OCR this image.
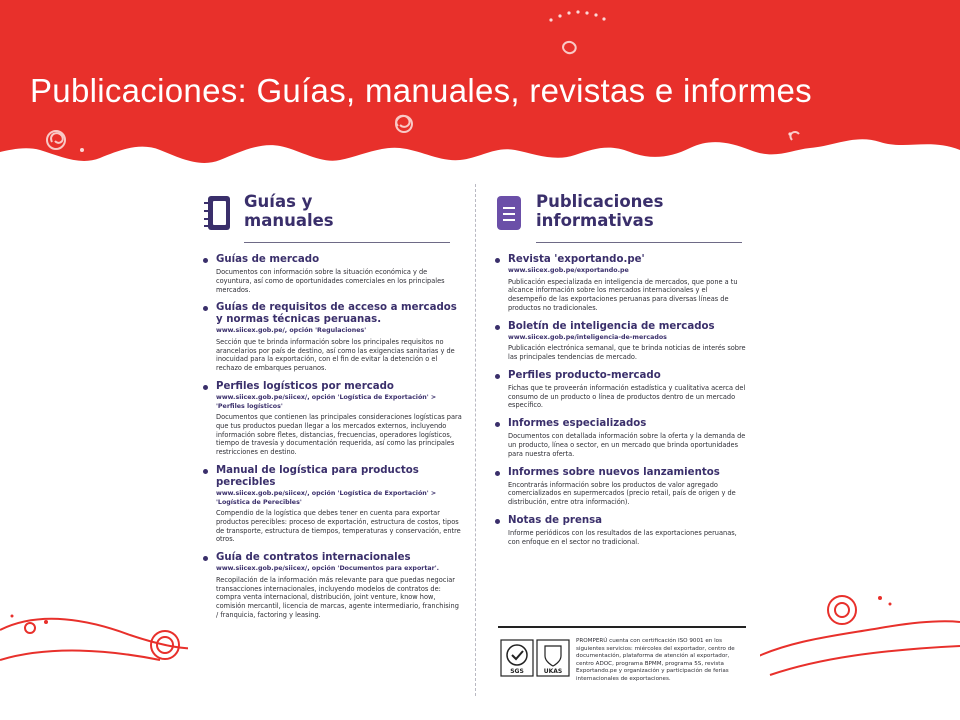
Publicaciones: Guías, manuales, revistas e informes
Guías y
manuales
Guías de mercado
Documentos con información sobre la situación económica y de coyuntura, así como de oportunidades comerciales en los principales mercados.
Guías de requisitos de acceso a mercados y normas técnicas peruanas.
www.siicex.gob.pe/, opción 'Regulaciones'
Sección que te brinda información sobre los principales requisitos no arancelarios por país de destino, así como las exigencias sanitarias y de inocuidad para la exportación, con el fin de evitar la detención o el rechazo de embarques peruanos.
Perfiles logísticos por mercado
www.siicex.gob.pe/siicex/, opción 'Logística de Exportación' > 'Perfiles logísticos'
Documentos que contienen las principales consideraciones logísticas para que tus productos puedan llegar a los mercados externos, incluyendo información sobre fletes, distancias, frecuencias, operadores logísticos, tiempo de travesía y documentación requerida, así como las principales restricciones en destino.
Manual de logística para productos perecibles
www.siicex.gob.pe/siicex/, opción 'Logística de Exportación' > 'Logística de Perecibles'
Compendio de la logística que debes tener en cuenta para exportar productos perecibles: proceso de exportación, estructura de costos, tipos de transporte, estructura de tiempos, temperaturas y conservación, entre otros.
Guía de contratos internacionales
www.siicex.gob.pe/siicex/, opción 'Documentos para exportar'.
Recopilación de la información más relevante para que puedas negociar transacciones internacionales, incluyendo modelos de contratos de: compra venta internacional, distribución, joint venture, know how, comisión mercantil, licencia de marcas, agente intermediario, franchising / franquicia, factoring y leasing.
Publicaciones
informativas
Revista 'exportando.pe'
www.siicex.gob.pe/exportando.pe
Publicación especializada en inteligencia de mercados, que pone a tu alcance información sobre los mercados internacionales y el desempeño de las exportaciones peruanas para diversas líneas de productos no tradicionales.
Boletín de inteligencia de mercados
www.siicex.gob.pe/inteligencia-de-mercados
Publicación electrónica semanal, que te brinda noticias de interés sobre las principales tendencias de mercado.
Perfiles producto-mercado
Fichas que te proveerán información estadística y cualitativa acerca del consumo de un producto o línea de productos dentro de un mercado específico.
Informes especializados
Documentos con detallada información sobre la oferta y la demanda de un producto, línea o sector, en un mercado que brinda oportunidades para nuestra oferta.
Informes sobre nuevos lanzamientos
Encontrarás información sobre los productos de valor agregado comercializados en supermercados (precio retail, país de origen y de distribución, entre otra información).
Notas de prensa
Informe periódicos con los resultados de las exportaciones peruanas, con enfoque en el sector no tradicional.
SGS	UKAS
PROMPERÚ cuenta con certificación ISO 9001 en los siguientes servicios: miércoles del exportador, centro de documentación, plataforma de atención al exportador, centro ADOC, programa BPMM, programa 5S, revista Exportando.pe y organización y participación de ferias internacionales de exportaciones.
